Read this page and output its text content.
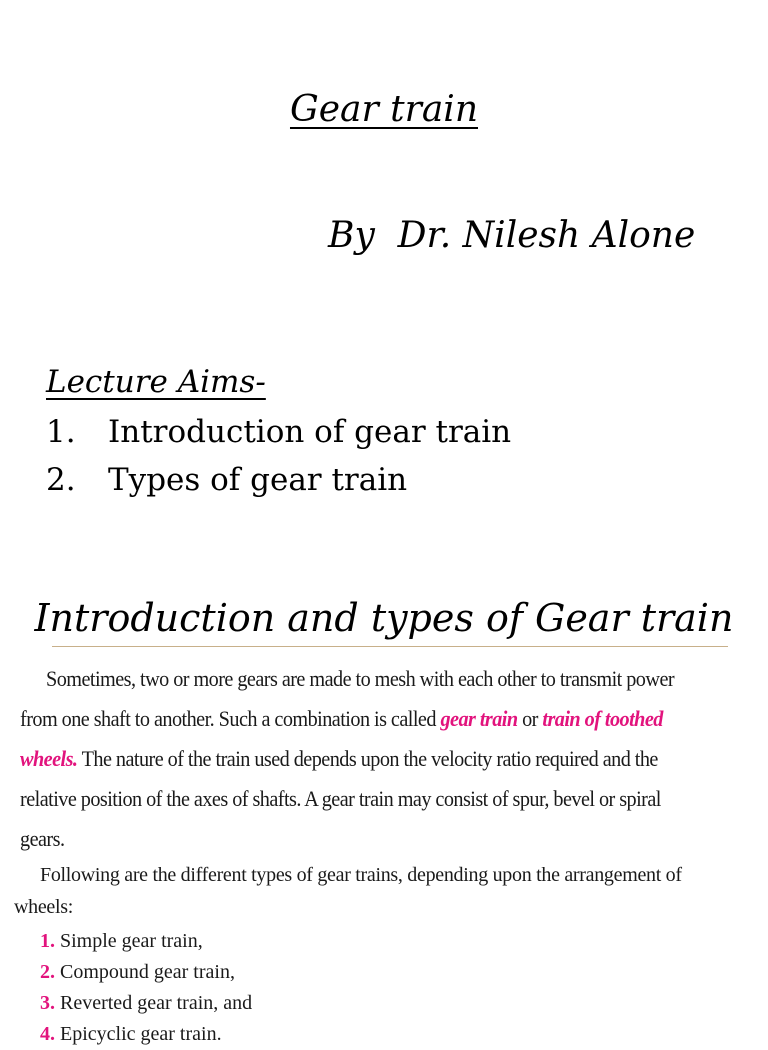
Gear train
By  Dr. Nilesh Alone
Lecture Aims-
1. Introduction of gear train
2. Types of gear train
Introduction and types of Gear train
Sometimes, two or more gears are made to mesh with each other to transmit power
from one shaft to another. Such a combination is called gear train or train of toothed
wheels. The nature of the train used depends upon the velocity ratio required and the
relative position of the axes of shafts. A gear train may consist of spur, bevel or spiral
gears.
Following are the different types of gear trains, depending upon the arrangement of
wheels:
1. Simple gear train,
2. Compound gear train,
3. Reverted gear train, and
4. Epicyclic gear train.
